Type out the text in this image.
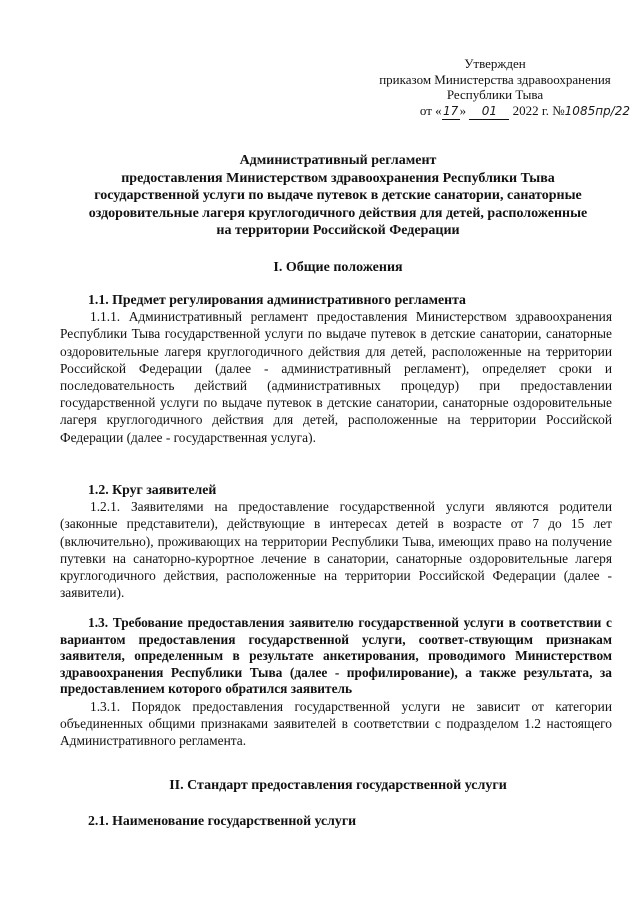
Утвержден
приказом Министерства здравоохранения
Республики Тыва
от «17» 01 2022 г. №1085пр/22
Административный регламент
предоставления Министерством здравоохранения Республики Тыва
государственной услуги по выдаче путевок в детские санатории, санаторные
оздоровительные лагеря круглогодичного действия для детей, расположенные
на территории Российской Федерации
I. Общие положения
1.1. Предмет регулирования административного регламента
1.1.1. Административный регламент предоставления Министерством здравоохранения Республики Тыва государственной услуги по выдаче путевок в детские санатории, санаторные оздоровительные лагеря круглогодичного действия для детей, расположенные на территории Российской Федерации (далее - административный регламент), определяет сроки и последовательность действий (административных процедур) при предоставлении государственной услуги по выдаче путевок в детские санатории, санаторные оздоровительные лагеря круглогодичного действия для детей, расположенные на территории Российской Федерации (далее - государственная услуга).
1.2. Круг заявителей
1.2.1. Заявителями на предоставление государственной услуги являются родители (законные представители), действующие в интересах детей в возрасте от 7 до 15 лет (включительно), проживающих на территории Республики Тыва, имеющих право на получение путевки на санаторно-курортное лечение в санатории, санаторные оздоровительные лагеря круглогодичного действия, расположенные на территории Российской Федерации (далее - заявители).
1.3. Требование предоставления заявителю государственной услуги в соответствии с вариантом предоставления государственной услуги, соответ-ствующим признакам заявителя, определенным в результате анкетирования, проводимого Министерством здравоохранения Республики Тыва (далее - профилирование), а также результата, за предоставлением которого обратился заявитель
1.3.1. Порядок предоставления государственной услуги не зависит от категории объединенных общими признаками заявителей в соответствии с подразделом 1.2 настоящего Административного регламента.
II. Стандарт предоставления государственной услуги
2.1. Наименование государственной услуги
